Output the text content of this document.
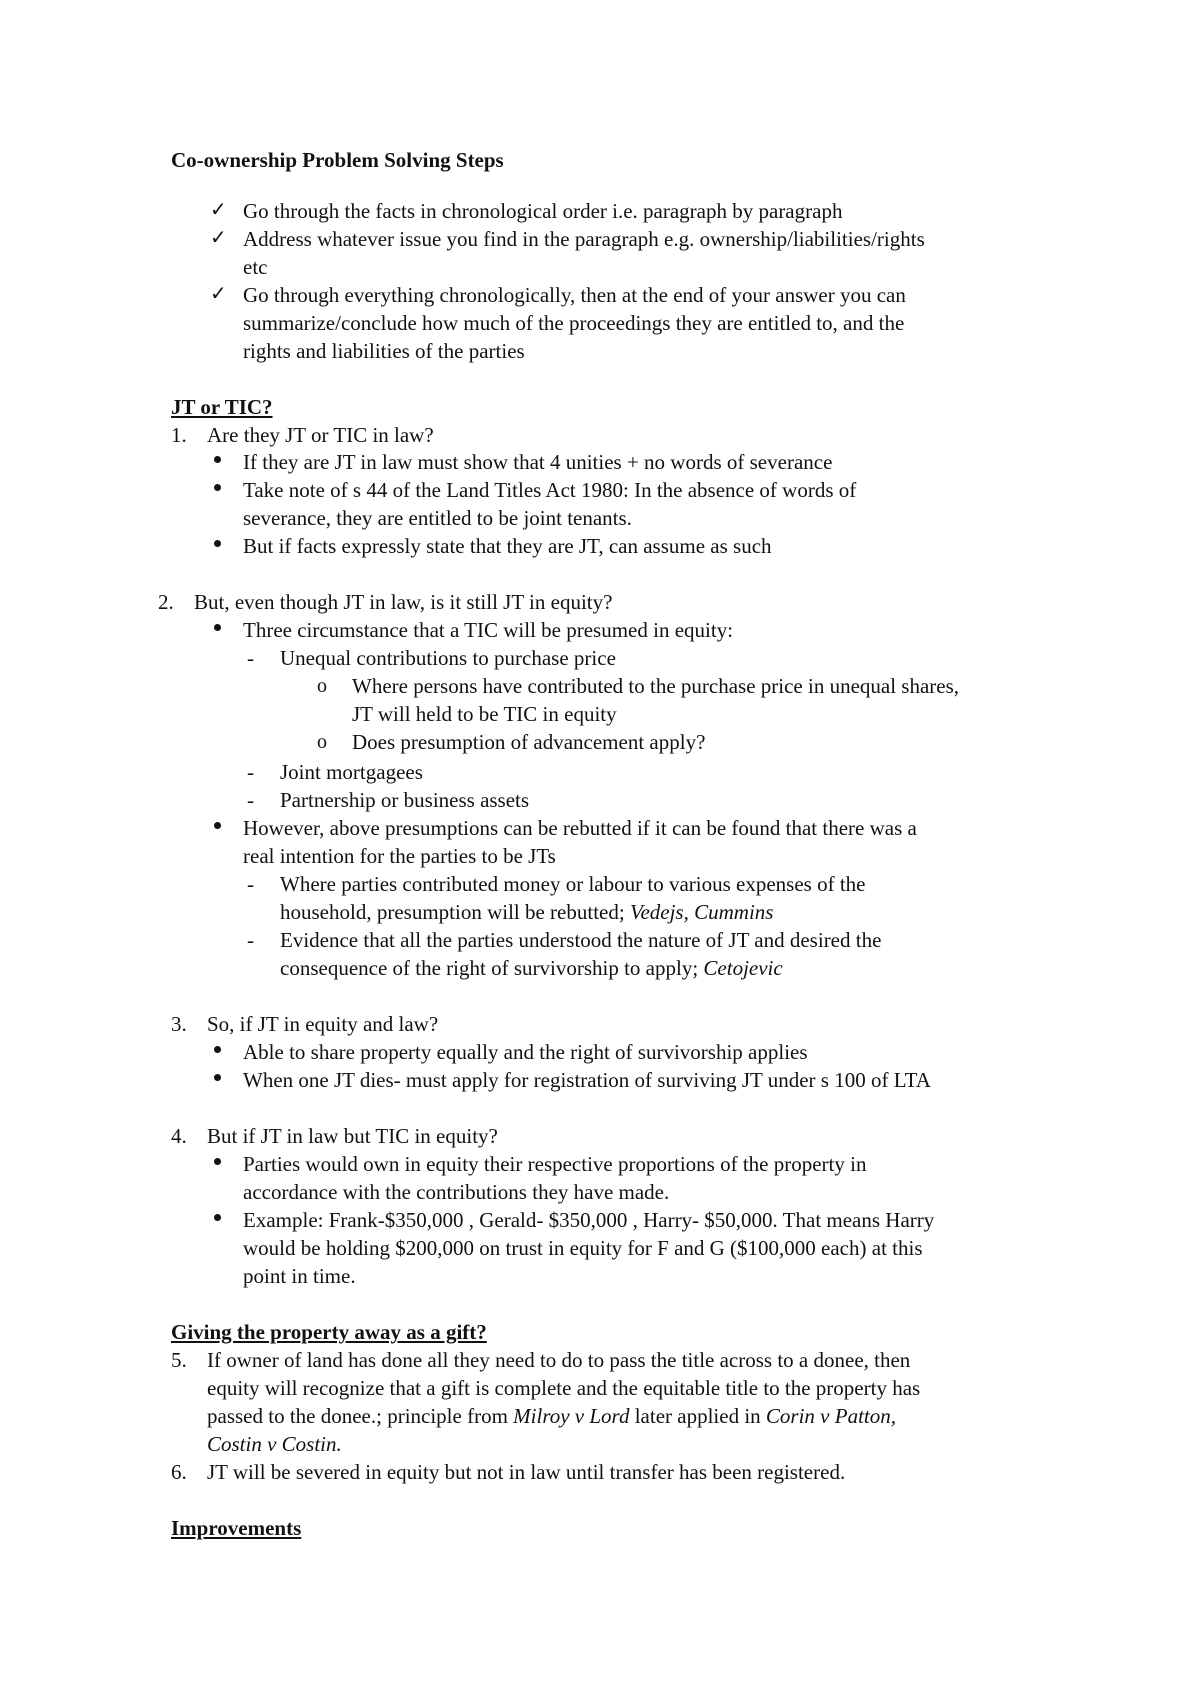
Co-ownership Problem Solving Steps
✓ Go through the facts in chronological order i.e. paragraph by paragraph
✓ Address whatever issue you find in the paragraph e.g. ownership/liabilities/rights
etc
✓ Go through everything chronologically, then at the end of your answer you can
summarize/conclude how much of the proceedings they are entitled to, and the
rights and liabilities of the parties
JT or TIC?
1. Are they JT or TIC in law?
If they are JT in law must show that 4 unities + no words of severance
Take note of s 44 of the Land Titles Act 1980: In the absence of words of
severance, they are entitled to be joint tenants.
But if facts expressly state that they are JT, can assume as such
2. But, even though JT in law, is it still JT in equity?
Three circumstance that a TIC will be presumed in equity:
- Unequal contributions to purchase price
o Where persons have contributed to the purchase price in unequal shares,
JT will held to be TIC in equity
o Does presumption of advancement apply?
- Joint mortgagees
- Partnership or business assets
However, above presumptions can be rebutted if it can be found that there was a
real intention for the parties to be JTs
- Where parties contributed money or labour to various expenses of the
household, presumption will be rebutted; Vedejs, Cummins
- Evidence that all the parties understood the nature of JT and desired the
consequence of the right of survivorship to apply; Cetojevic
3. So, if JT in equity and law?
Able to share property equally and the right of survivorship applies
When one JT dies- must apply for registration of surviving JT under s 100 of LTA
4. But if JT in law but TIC in equity?
Parties would own in equity their respective proportions of the property in
accordance with the contributions they have made.
Example: Frank-$350,000 , Gerald- $350,000 , Harry- $50,000. That means Harry
would be holding $200,000 on trust in equity for F and G ($100,000 each) at this
point in time.
Giving the property away as a gift?
5. If owner of land has done all they need to do to pass the title across to a donee, then
equity will recognize that a gift is complete and the equitable title to the property has
passed to the donee.; principle from Milroy v Lord later applied in Corin v Patton,
Costin v Costin.
6. JT will be severed in equity but not in law until transfer has been registered.
Improvements
